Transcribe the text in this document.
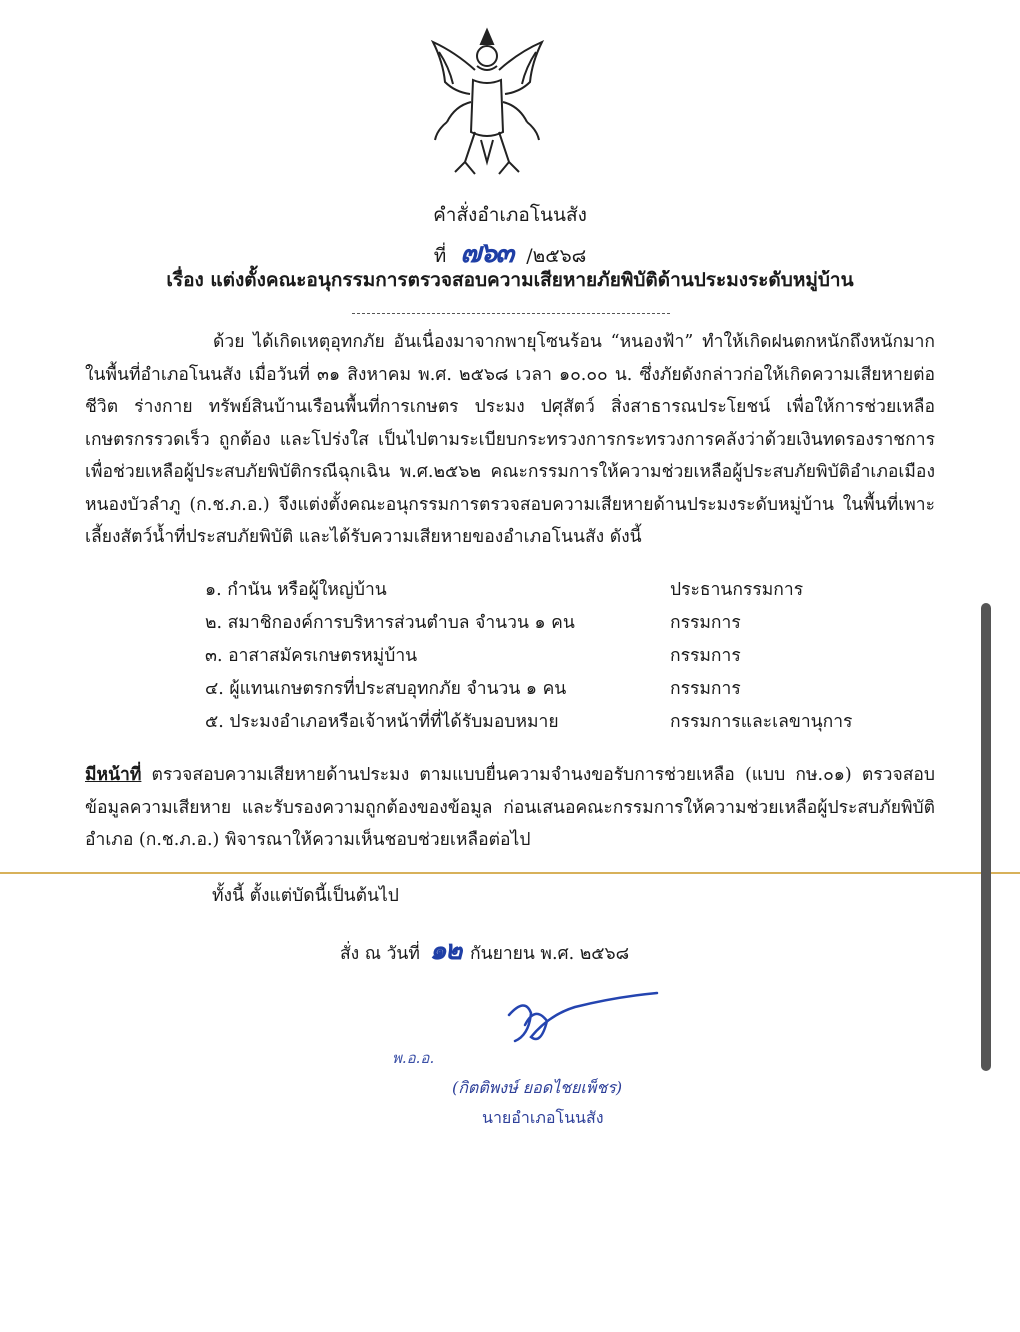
คำสั่งอำเภอโนนสัง
ที่ ๗๖๓ /๒๕๖๘
เรื่อง แต่งตั้งคณะอนุกรรมการตรวจสอบความเสียหายภัยพิบัติด้านประมงระดับหมู่บ้าน

ด้วย ได้เกิดเหตุอุทกภัย อันเนื่องมาจากพายุโซนร้อน “หนองฟ้า” ทำให้เกิดฝนตกหนักถึงหนักมากในพื้นที่อำเภอโนนสัง เมื่อวันที่ ๓๑ สิงหาคม พ.ศ. ๒๕๖๘ เวลา ๑๐.๐๐ น. ซึ่งภัยดังกล่าวก่อให้เกิดความเสียหายต่อชีวิต ร่างกาย ทรัพย์สินบ้านเรือนพื้นที่การเกษตร ประมง ปศุสัตว์ สิ่งสาธารณประโยชน์ เพื่อให้การช่วยเหลือเกษตรกรรวดเร็ว ถูกต้อง และโปร่งใส เป็นไปตามระเบียบกระทรวงการกระทรวงการคลังว่าด้วยเงินทดรองราชการเพื่อช่วยเหลือผู้ประสบภัยพิบัติกรณีฉุกเฉิน พ.ศ.๒๕๖๒ คณะกรรมการให้ความช่วยเหลือผู้ประสบภัยพิบัติอำเภอเมืองหนองบัวลำภู (ก.ช.ภ.อ.) จึงแต่งตั้งคณะอนุกรรมการตรวจสอบความเสียหายด้านประมงระดับหมู่บ้าน ในพื้นที่เพาะเลี้ยงสัตว์น้ำที่ประสบภัยพิบัติ และได้รับความเสียหายของอำเภอโนนสัง ดังนี้

๑. กำนัน หรือผู้ใหญ่บ้าน	ประธานกรรมการ
๒. สมาชิกองค์การบริหารส่วนตำบล จำนวน ๑ คน	กรรมการ
๓. อาสาสมัครเกษตรหมู่บ้าน	กรรมการ
๔. ผู้แทนเกษตรกรที่ประสบอุทกภัย จำนวน ๑ คน	กรรมการ
๕. ประมงอำเภอหรือเจ้าหน้าที่ที่ได้รับมอบหมาย	กรรมการและเลขานุการ

มีหน้าที่ ตรวจสอบความเสียหายด้านประมง ตามแบบยื่นความจำนงขอรับการช่วยเหลือ (แบบ กษ.๐๑) ตรวจสอบข้อมูลความเสียหาย และรับรองความถูกต้องของข้อมูล ก่อนเสนอคณะกรรมการให้ความช่วยเหลือผู้ประสบภัยพิบัติอำเภอ (ก.ช.ภ.อ.) พิจารณาให้ความเห็นชอบช่วยเหลือต่อไป

ทั้งนี้ ตั้งแต่บัดนี้เป็นต้นไป
สั่ง ณ วันที่ ๑๒ กันยายน พ.ศ. ๒๕๖๘
พ.อ.อ.
(กิตติพงษ์ ยอดไชยเพ็ชร)
นายอำเภอโนนสัง
